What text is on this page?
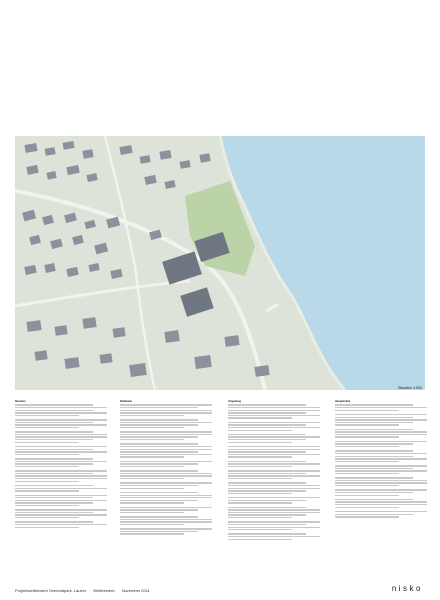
Situation 1:500
Situation	Städtebau	Umgebung	Haupteinheit

Projektwettbewerb Seemattpark, Lauerz Wettbewerb November 2011	nisko
